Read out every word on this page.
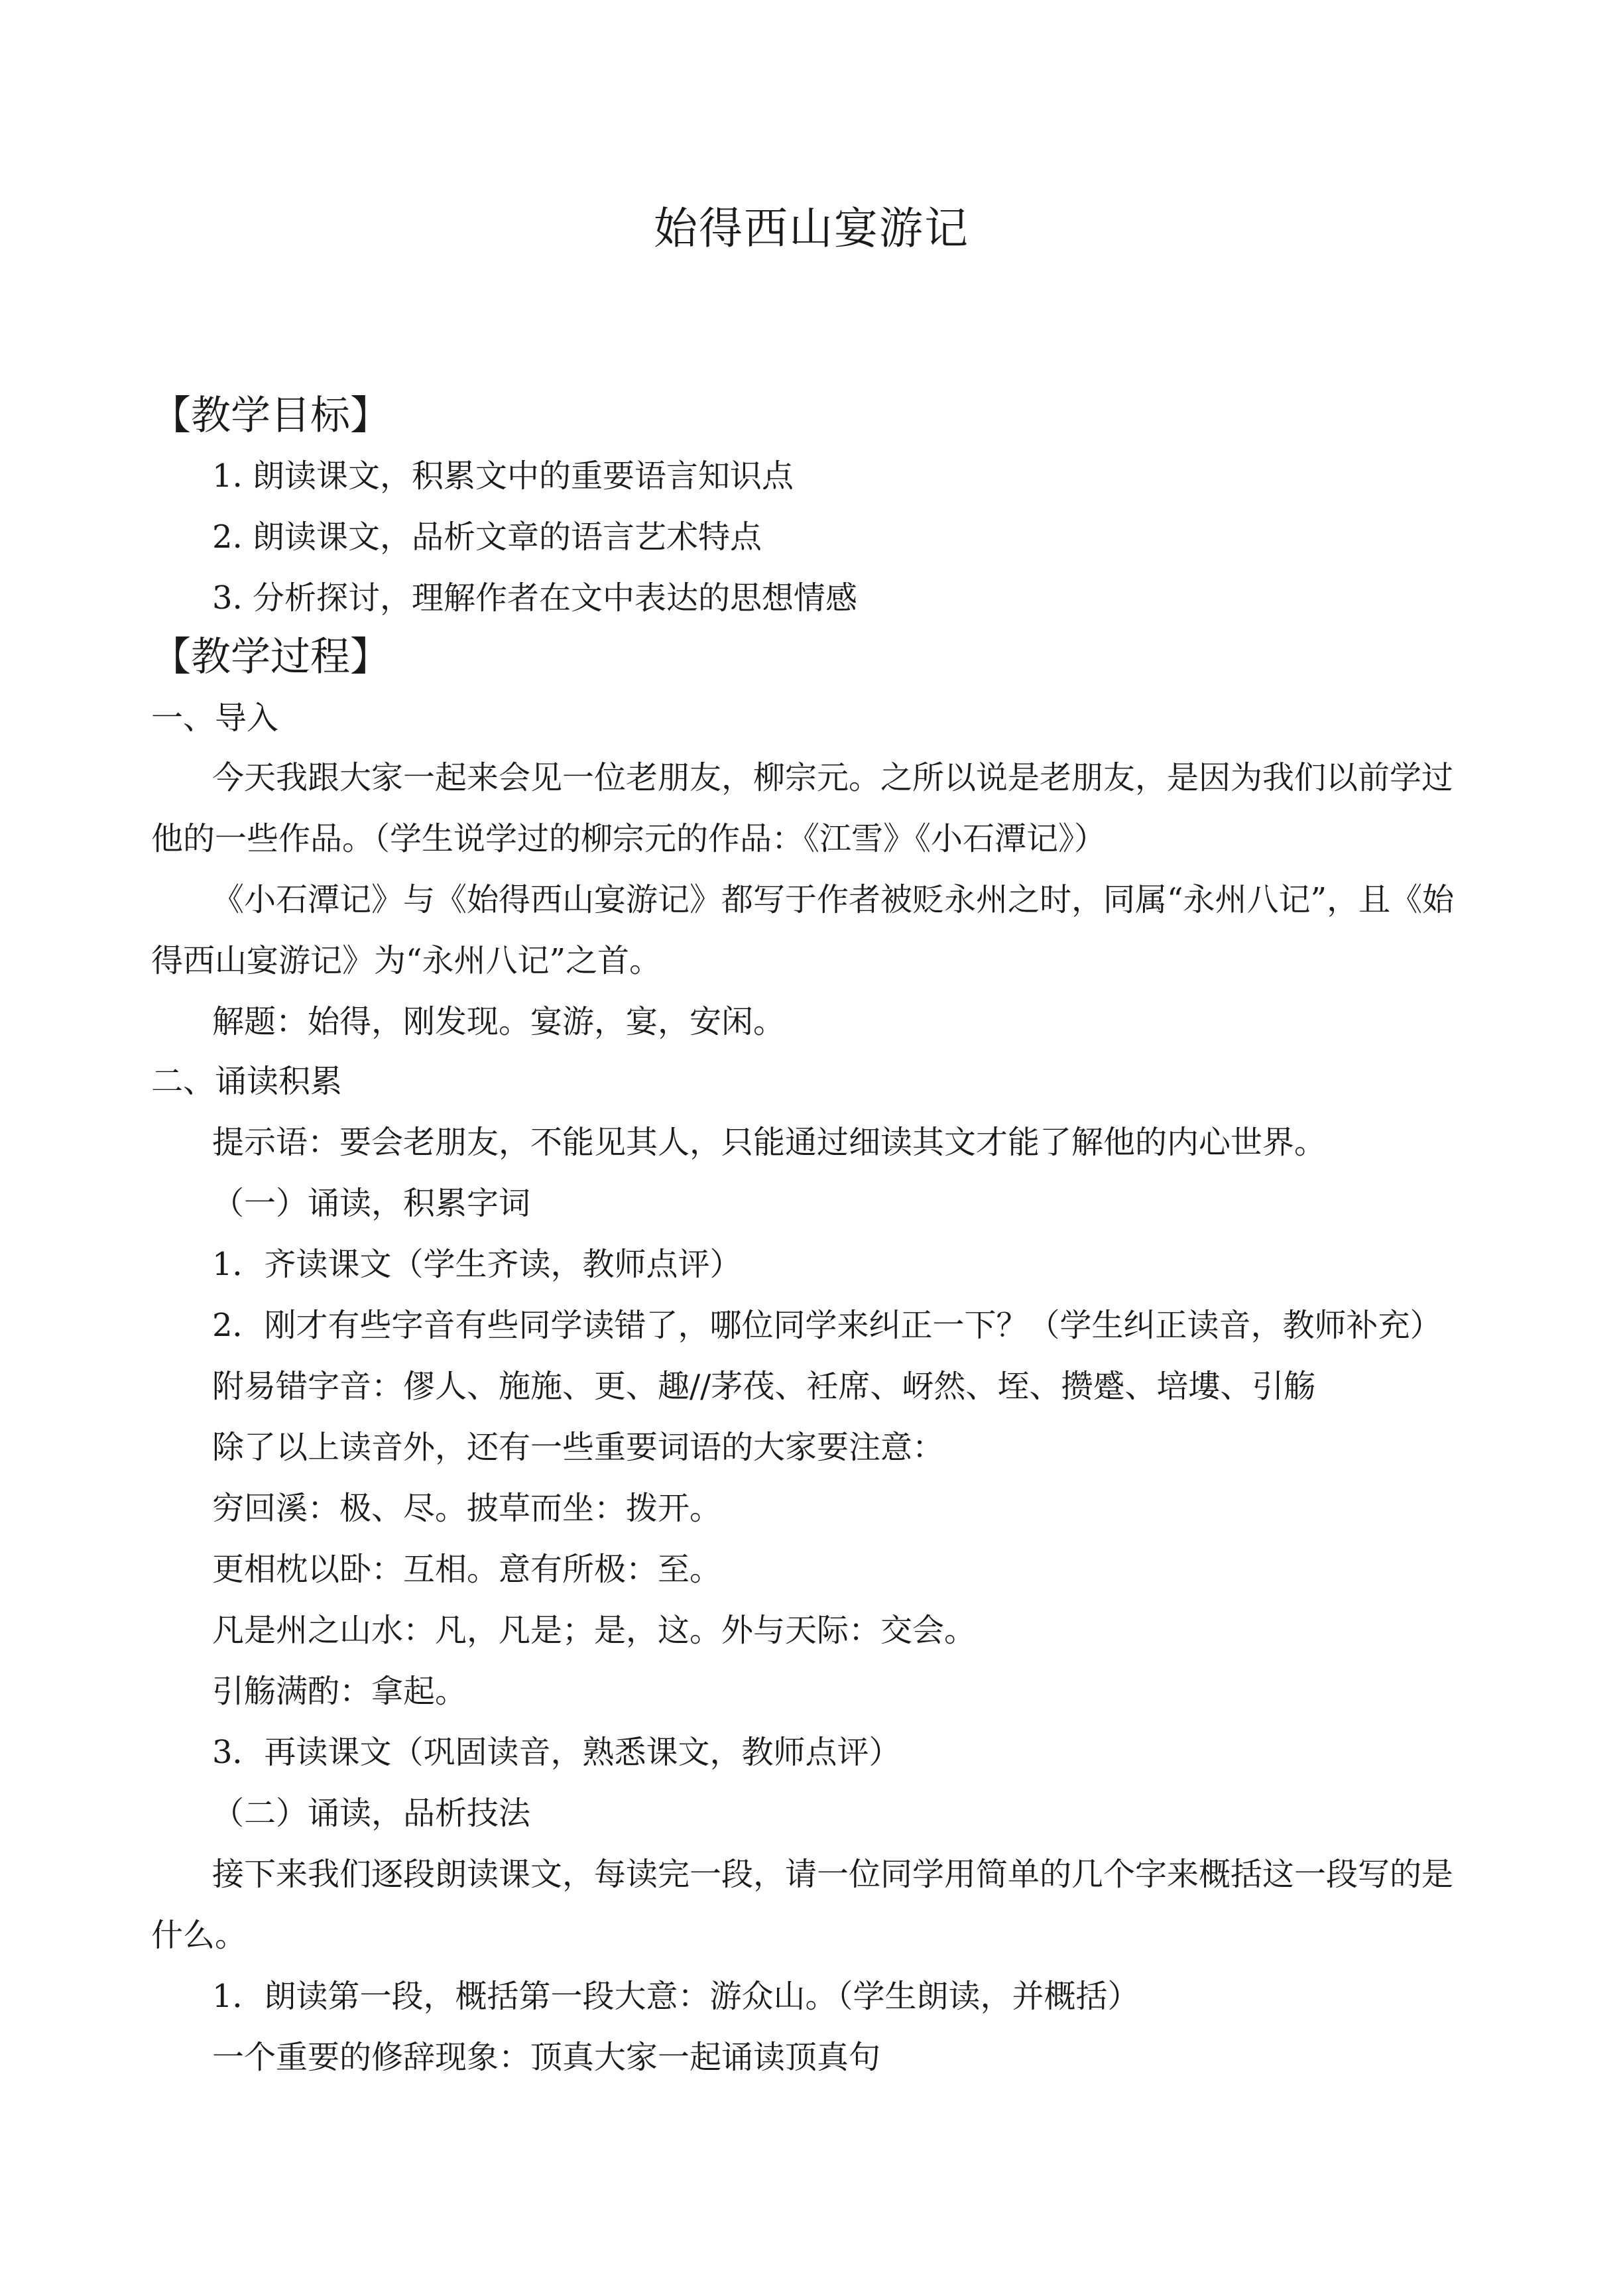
始得西山宴游记
【教学目标】
1. 朗读课文，积累文中的重要语言知识点
2. 朗读课文，品析文章的语言艺术特点
3. 分析探讨，理解作者在文中表达的思想情感
【教学过程】
一、导入
今天我跟大家一起来会见一位老朋友，柳宗元。之所以说是老朋友，是因为我们以前学过
他的一些作品。（学生说学过的柳宗元的作品：《江雪》《小石潭记》）
《小石潭记》与《始得西山宴游记》都写于作者被贬永州之时，同属“永州八记”，且《始
得西山宴游记》为“永州八记”之首。
解题：始得，刚发现。宴游，宴，安闲。
二、诵读积累
提示语：要会老朋友，不能见其人，只能通过细读其文才能了解他的内心世界。
（一）诵读，积累字词
1．齐读课文（学生齐读，教师点评）
2．刚才有些字音有些同学读错了，哪位同学来纠正一下？（学生纠正读音，教师补充）
附易错字音：僇人、施施、更、趣//茅茷、衽席、岈然、垤、攒蹙、培塿、引觞
除了以上读音外，还有一些重要词语的大家要注意：
穷回溪：极、尽。披草而坐：拨开。
更相枕以卧：互相。意有所极：至。
凡是州之山水：凡，凡是；是，这。外与天际：交会。
引觞满酌：拿起。
3．再读课文（巩固读音，熟悉课文，教师点评）
（二）诵读，品析技法
接下来我们逐段朗读课文，每读完一段，请一位同学用简单的几个字来概括这一段写的是
什么。
1．朗读第一段，概括第一段大意：游众山。（学生朗读，并概括）
一个重要的修辞现象：顶真大家一起诵读顶真句
